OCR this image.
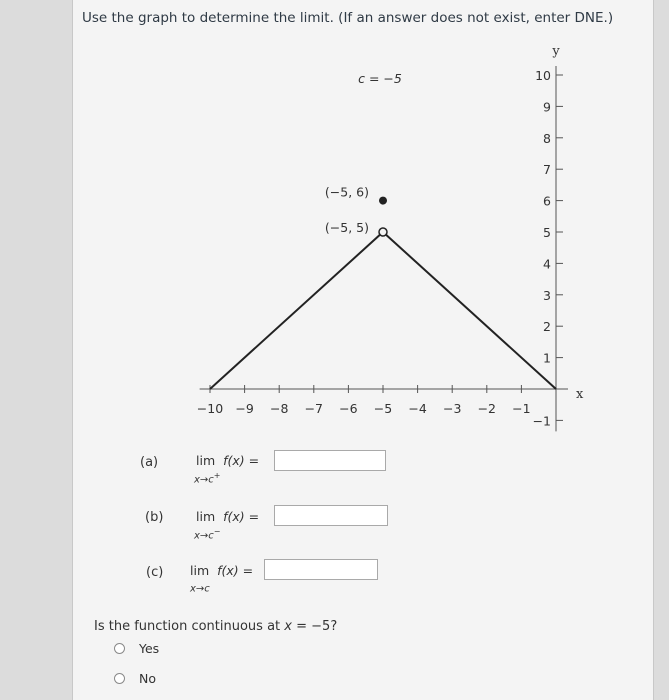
Use the graph to determine the limit. (If an answer does not exist, enter DNE.)
y
x
−10 −9 −8 −7 −6 −5 −4 −3 −2 −1
10
9
8
7
6
5
4
3
2
1
−1
(−5, 6)
(−5, 5)
c = −5
(a)	lim f(x) =
x→c+
(b)	lim f(x) =
x→c−
(c) lim f(x) =
x→c
Is the function continuous at x = −5?
Yes
No
